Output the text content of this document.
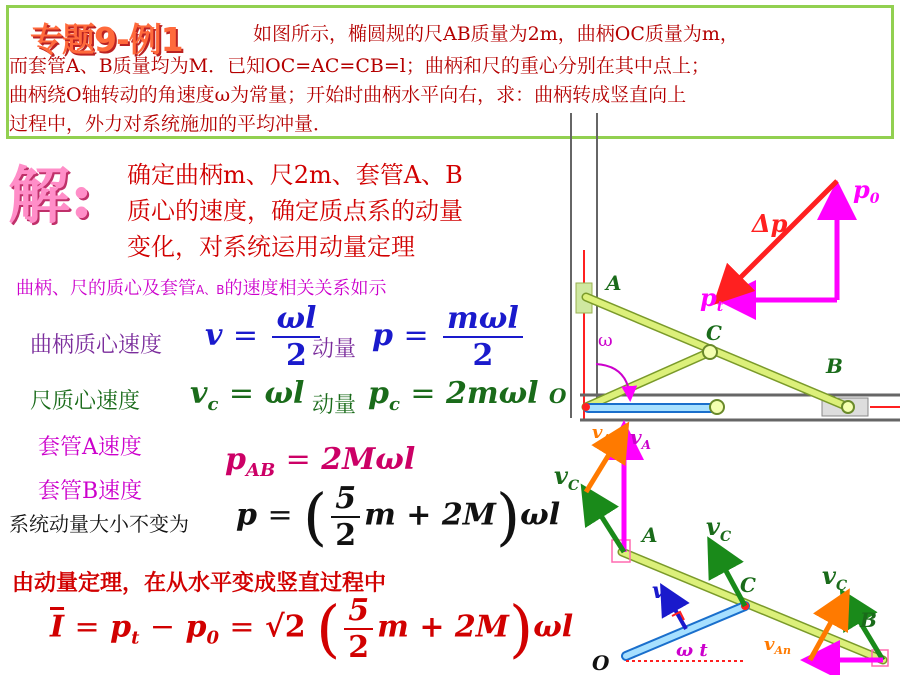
专题9-例1	如图所示，椭圆规的尺AB质量为2m，曲柄OC质量为m，
而套管A、B质量均为M．已知OC=AC=CB=l；曲柄和尺的重心分别在其中点上；
曲柄绕O轴转动的角速度ω为常量；开始时曲柄水平向右，求：曲柄转成竖直向上
过程中，外力对系统施加的平均冲量．
解: 确定曲柄m、尺2m、套管A、B
质心的速度，确定质点系的动量
变化，对系统运用动量定理
曲柄、尺的质心及套管A、B的速度相关关系如示
曲柄质心速度 $v = \frac{\omega l}{2}$
动量 $p = \frac{\text{mωl}}{2}$
尺质心速度 $v_c = \omega l$ 动量 $p_c = 2m\omega l$
套管A速度
套管B速度
$p_{AB} = 2M\omega l$
系统动量大小不变为 p = ( $\frac{5}{2}$ m + 2M)ωl
由动量定理，在从水平变成竖直过程中
$\overline{I} = p_t - p_0 = √2$ ( $\frac{5}{2}$ m + 2M)ωl
$p_0$
Δp
$p_t$
A
C
B
O
ω
$v_{An}$ $v_A$
$v_C$
A $v_C$
C	$v_C$
v
B
O
ω t	$v_{An}$
